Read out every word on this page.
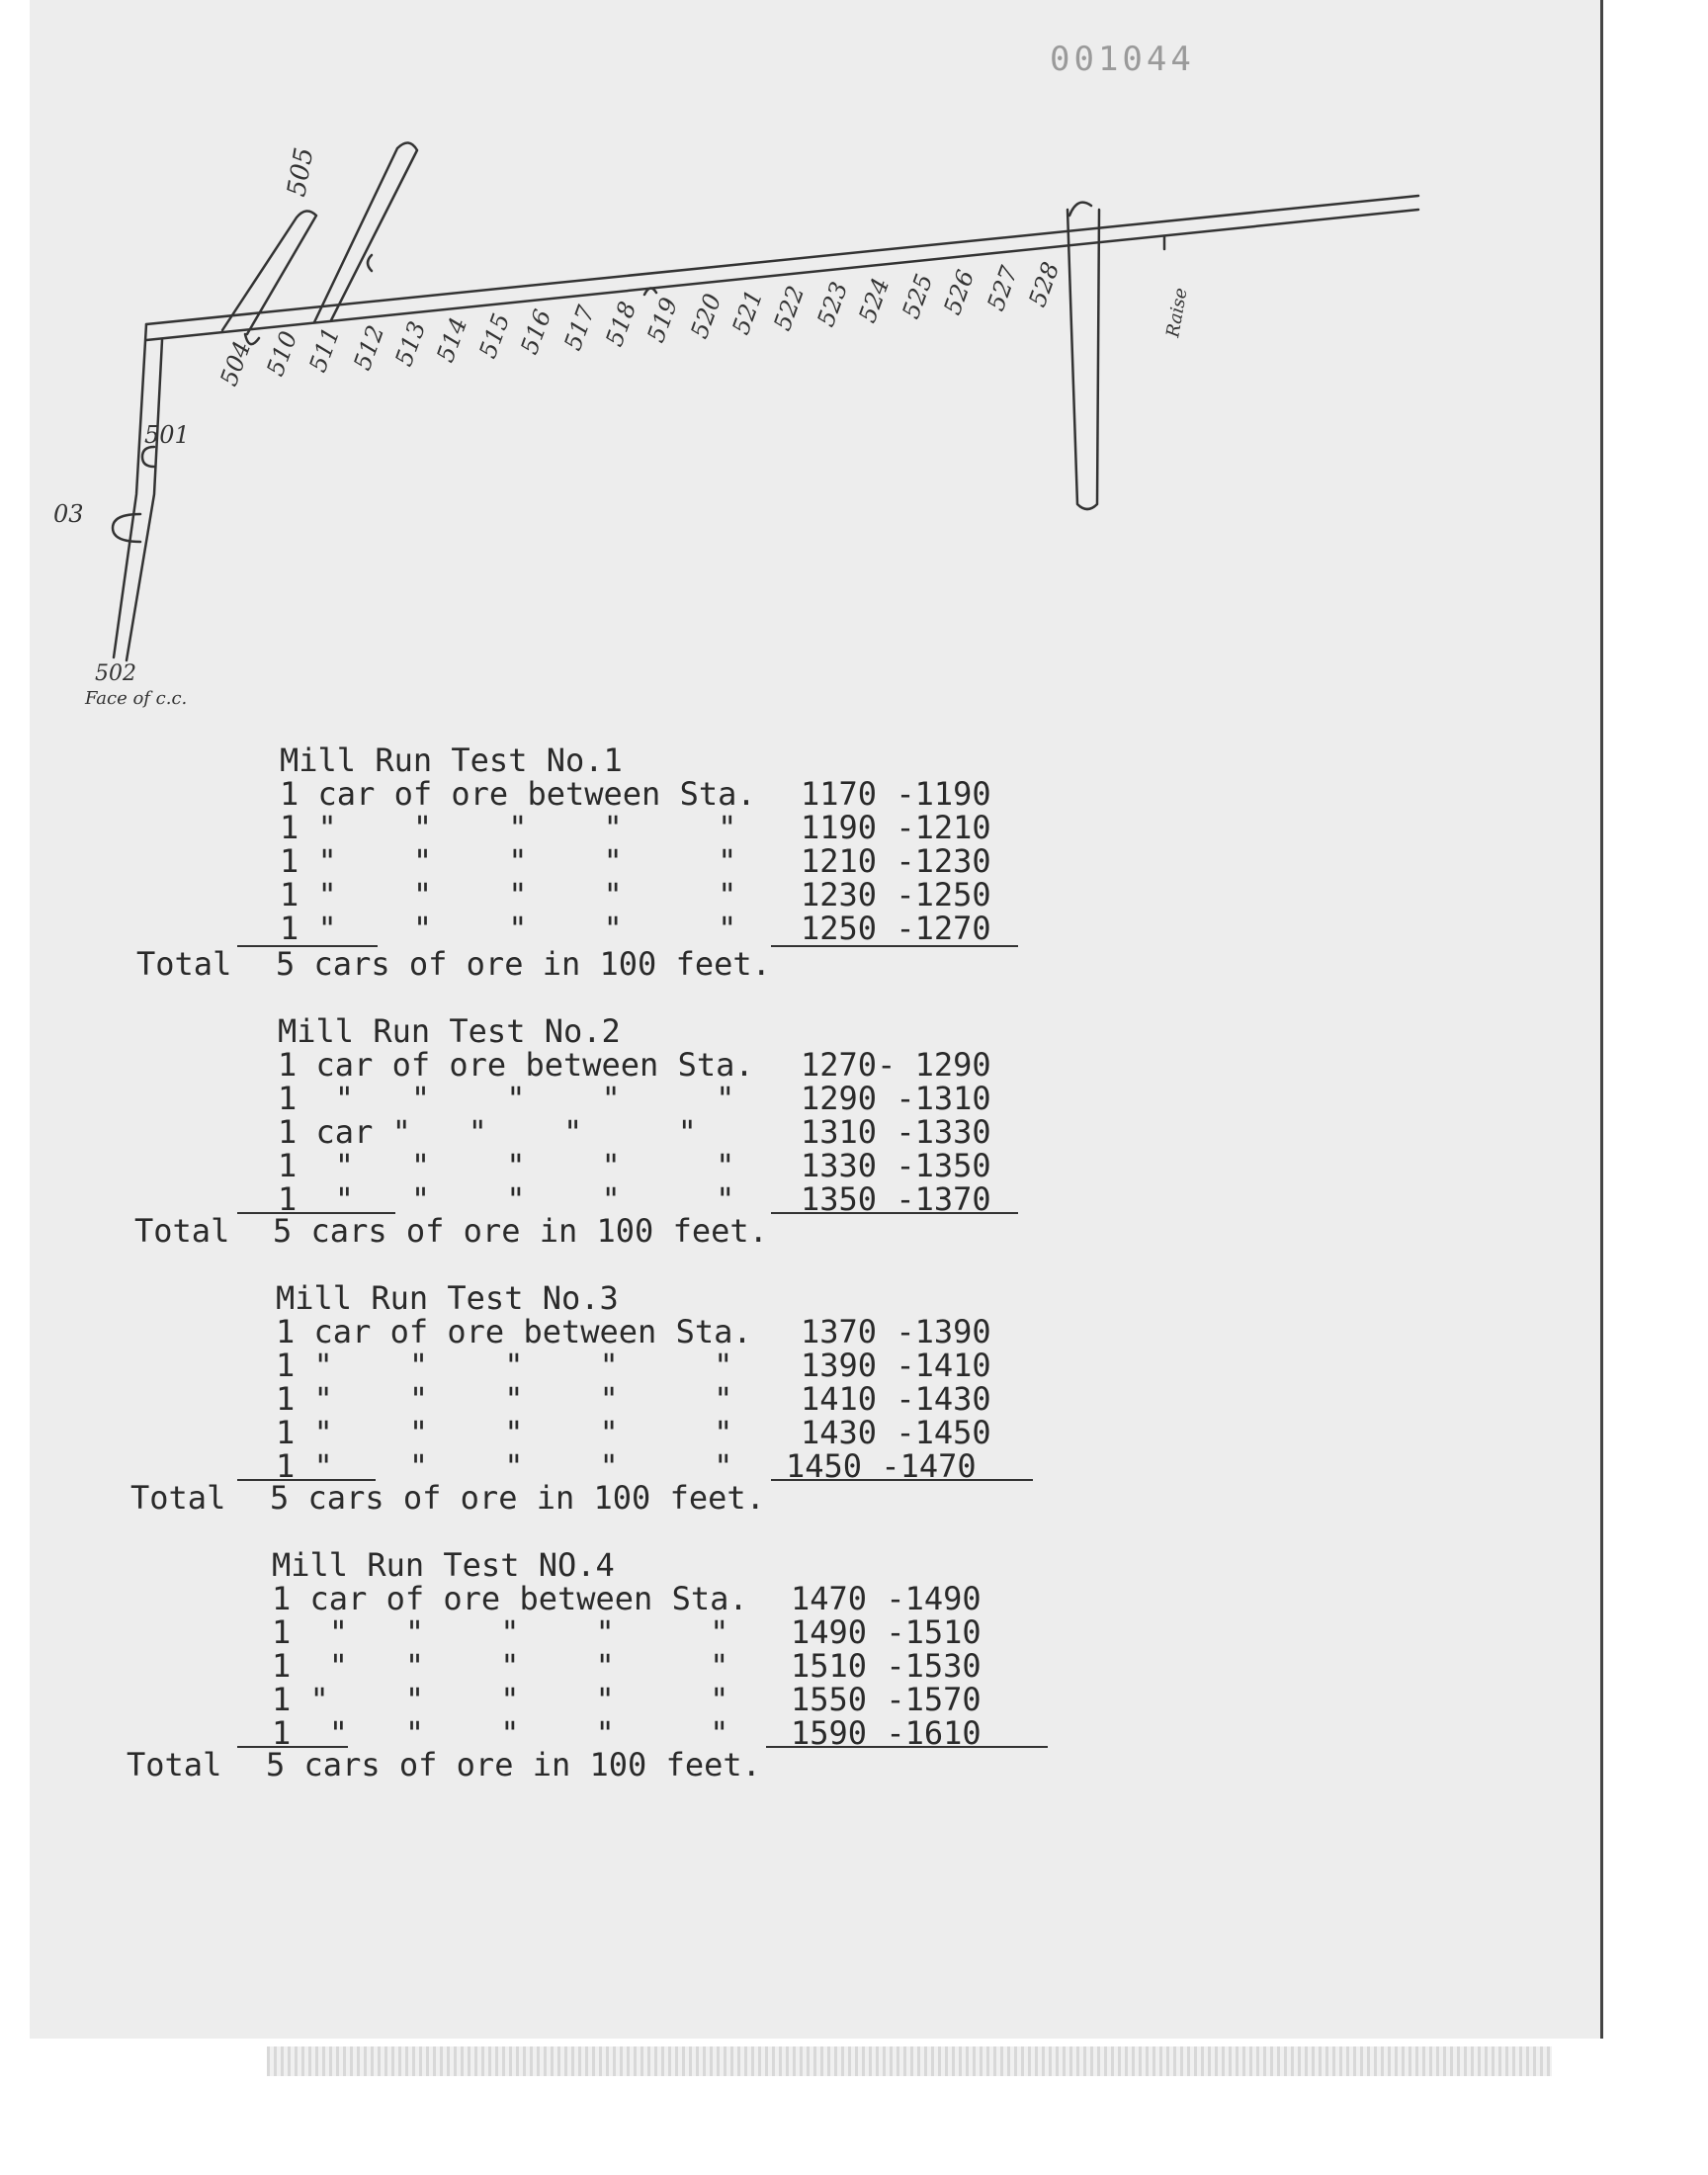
001044
504 510 511 512 513 514 515 516 517 518 519 520 521 522 523 524 525 526 527 528
505
Raise
501
03
502
Face of c.c.
Mill Run Test No.1
1 car of ore between Sta.
1 "    "    "    "     "
1 "    "    "    "     "
1 "    "    "    "     "
1 "    "    "    "     "
1170 -1190
1190 -1210
1210 -1230
1230 -1250
1250 -1270
Total 5 cars of ore in 100 feet.
Mill Run Test No.2
1 car of ore between Sta.
1  "   "    "    "     "
1 car "   "    "     "
1  "   "    "    "     "
1  "   "    "    "     "
1270- 1290
1290 -1310
1310 -1330
1330 -1350
1350 -1370
Total 5 cars of ore in 100 feet.
Mill Run Test No.3
1 car of ore between Sta.
1 "    "    "    "     "
1 "    "    "    "     "
1 "    "    "    "     "
1 "    "    "    "     "
1370 -1390
1390 -1410
1410 -1430
1430 -1450
1450 -1470
Total 5 cars of ore in 100 feet.
Mill Run Test NO.4
1 car of ore between Sta.
1  "   "    "    "     "
1  "   "    "    "     "
1 "    "    "    "     "
1  "   "    "    "     "
1470 -1490
1490 -1510
1510 -1530
1550 -1570
1590 -1610
Total 5 cars of ore in 100 feet.
